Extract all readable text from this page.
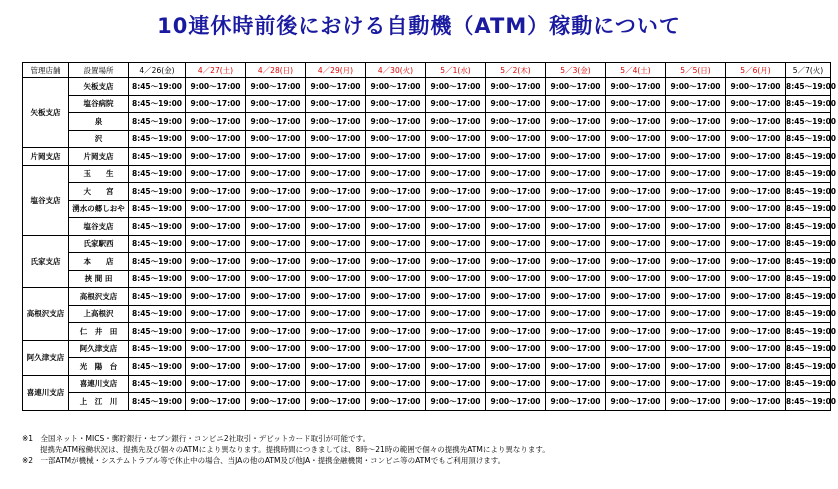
10連休時前後における自動機（ATM）稼動について
管理店舗	設置場所	4／26(金)	4／27(土)	4／28(日)	4／29(月)	4／30(火)	5／1(水)	5／2(木)	5／3(金)	5／4(土)	5／5(日)	5／6(月)	5／7(火)
矢板支店	矢板支店	8:45～19:00	9:00～17:00	9:00～17:00	9:00～17:00	9:00～17:00	9:00～17:00	9:00～17:00	9:00～17:00	9:00～17:00	9:00～17:00	9:00～17:00	8:45～19:00
	塩谷病院	8:45～19:00	9:00～17:00	9:00～17:00	9:00～17:00	9:00～17:00	9:00～17:00	9:00～17:00	9:00～17:00	9:00～17:00	9:00～17:00	9:00～17:00	8:45～19:00
	泉	8:45～19:00	9:00～17:00	9:00～17:00	9:00～17:00	9:00～17:00	9:00～17:00	9:00～17:00	9:00～17:00	9:00～17:00	9:00～17:00	9:00～17:00	8:45～19:00
	沢	8:45～19:00	9:00～17:00	9:00～17:00	9:00～17:00	9:00～17:00	9:00～17:00	9:00～17:00	9:00～17:00	9:00～17:00	9:00～17:00	9:00～17:00	8:45～19:00
片岡支店	片岡支店	8:45～19:00	9:00～17:00	9:00～17:00	9:00～17:00	9:00～17:00	9:00～17:00	9:00～17:00	9:00～17:00	9:00～17:00	9:00～17:00	9:00～17:00	8:45～19:00
塩谷支店	玉　　生	8:45～19:00	9:00～17:00	9:00～17:00	9:00～17:00	9:00～17:00	9:00～17:00	9:00～17:00	9:00～17:00	9:00～17:00	9:00～17:00	9:00～17:00	8:45～19:00
	大　　宮	8:45～19:00	9:00～17:00	9:00～17:00	9:00～17:00	9:00～17:00	9:00～17:00	9:00～17:00	9:00～17:00	9:00～17:00	9:00～17:00	9:00～17:00	8:45～19:00
	湧水の郷しおや	8:45～19:00	9:00～17:00	9:00～17:00	9:00～17:00	9:00～17:00	9:00～17:00	9:00～17:00	9:00～17:00	9:00～17:00	9:00～17:00	9:00～17:00	8:45～19:00
	塩谷支店	8:45～19:00	9:00～17:00	9:00～17:00	9:00～17:00	9:00～17:00	9:00～17:00	9:00～17:00	9:00～17:00	9:00～17:00	9:00～17:00	9:00～17:00	8:45～19:00
氏家支店	氏家駅西	8:45～19:00	9:00～17:00	9:00～17:00	9:00～17:00	9:00～17:00	9:00～17:00	9:00～17:00	9:00～17:00	9:00～17:00	9:00～17:00	9:00～17:00	8:45～19:00
	本　　店	8:45～19:00	9:00～17:00	9:00～17:00	9:00～17:00	9:00～17:00	9:00～17:00	9:00～17:00	9:00～17:00	9:00～17:00	9:00～17:00	9:00～17:00	8:45～19:00
	挟 間 田	8:45～19:00	9:00～17:00	9:00～17:00	9:00～17:00	9:00～17:00	9:00～17:00	9:00～17:00	9:00～17:00	9:00～17:00	9:00～17:00	9:00～17:00	8:45～19:00
高根沢支店	高根沢支店	8:45～19:00	9:00～17:00	9:00～17:00	9:00～17:00	9:00～17:00	9:00～17:00	9:00～17:00	9:00～17:00	9:00～17:00	9:00～17:00	9:00～17:00	8:45～19:00
	上高根沢	8:45～19:00	9:00～17:00	9:00～17:00	9:00～17:00	9:00～17:00	9:00～17:00	9:00～17:00	9:00～17:00	9:00～17:00	9:00～17:00	9:00～17:00	8:45～19:00
	仁　井　田	8:45～19:00	9:00～17:00	9:00～17:00	9:00～17:00	9:00～17:00	9:00～17:00	9:00～17:00	9:00～17:00	9:00～17:00	9:00～17:00	9:00～17:00	8:45～19:00
阿久津支店	阿久津支店	8:45～19:00	9:00～17:00	9:00～17:00	9:00～17:00	9:00～17:00	9:00～17:00	9:00～17:00	9:00～17:00	9:00～17:00	9:00～17:00	9:00～17:00	8:45～19:00
	光　陽　台	8:45～19:00	9:00～17:00	9:00～17:00	9:00～17:00	9:00～17:00	9:00～17:00	9:00～17:00	9:00～17:00	9:00～17:00	9:00～17:00	9:00～17:00	8:45～19:00
喜連川支店	喜連川支店	8:45～19:00	9:00～17:00	9:00～17:00	9:00～17:00	9:00～17:00	9:00～17:00	9:00～17:00	9:00～17:00	9:00～17:00	9:00～17:00	9:00～17:00	8:45～19:00
	上　江　川	8:45～19:00	9:00～17:00	9:00～17:00	9:00～17:00	9:00～17:00	9:00～17:00	9:00～17:00	9:00～17:00	9:00～17:00	9:00～17:00	9:00～17:00	8:45～19:00
※1　全国ネット・MICS・郵貯銀行・セブン銀行・コンビニ2社取引・デビットカード取引が可能です。
提携先ATM稼働状況は、提携先及び個々のATMにより異なります。提携時間につきましては、8時～21時の範囲で個々の提携先ATMにより異なります。
※2　一部ATMが機械・システムトラブル等で休止中の場合、当JAの他のATM及び他JA・提携金融機関・コンビニ等のATMでもご利用頂けます。
